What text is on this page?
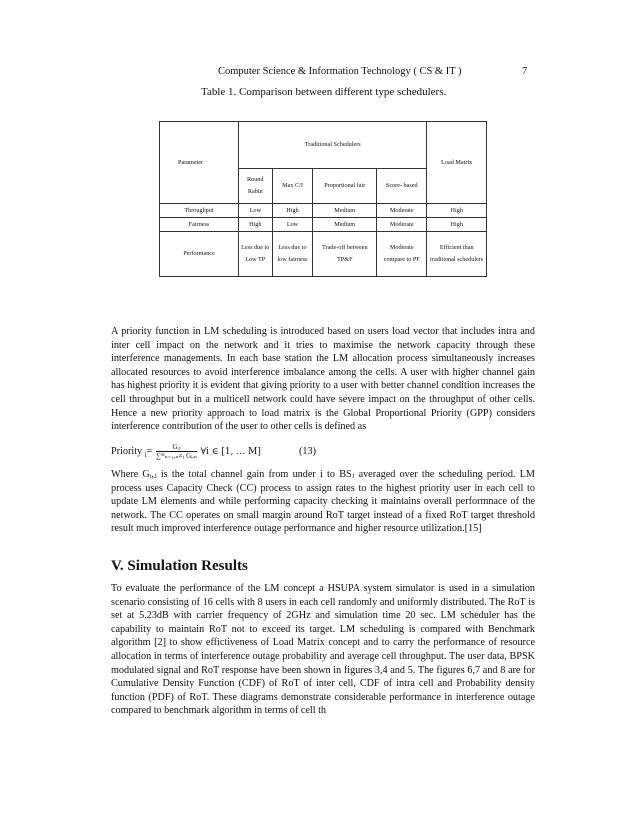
Computer Science & Information Technology ( CS & IT )	7
Table 1. Comparison between different type schedulers.
Parameter	Traditional Schedulers				Load Matrix
	Round Rabin	Max C/I	Proportional fair	Score- based	
Throughput	Low	High	Medium	Moderate	High
Fairness	High	Low	Medium	Moderate	High
Performance	Less due to Low TP	Less due to low fairness	Trade-off between TP&F	Moderate compare to PF	Efficient than traditional schedulers

A priority function in LM scheduling is introduced based on users load vector that includes intra and inter cell impact on the network and it tries to maximise the network capacity through these interference managements. In each base station the LM allocation process simultaneously increases allocated resources to avoid interference imbalance among the cells. A user with higher channel gain has highest priority it is evident that giving priority to a user with better channel condition increases the cell throughput but in a multicell network could have severe impact on the throughput of other cells. Hence a new priority approach to load matrix is the Global Proportional Priority (GPP) considers interference contribution of the user to other cells is defined as

Priority $_i$=	Gᵢⱼ
∑ᴹₙ₌₁,ₙ≠ⱼ Gᵢ,ₙ ∀i ∈ [1, … M]	(13)

Where Gᵢ,ⱼ is the total channel gain from under i to BSⱼ averaged over the scheduling period. LM process uses Capacity Check (CC) process to assign rates to the highest priority user in each cell to update LM elements and while performing capacity checking it maintains overall performnace of the network. The CC operates on small margin around RoT target instead of a fixed RoT target threshold result much improved interference outage performance and higher resource utilization.[15]

V. Simulation Results

To evaluate the performance of the LM concept a HSUPA system simulator is used in a simulation scenario consisting of 16 cells with 8 users in each cell randomly and uniformly distributed. The RoT is set at 5.23dB with carrier frequency of 2GHz and simulation time 20 sec. LM scheduler has the capability to maintain RoT not to exceed its target. LM scheduling is compared with Benchmark algorithm [2] to show effictiveness of Load Matrix concept and to carry the performance of resource allocation in terms of interference outage probability and average cell throughput. The user data, BPSK modulated signal and RoT response have been shown in figures 3,4 and 5. The figures 6,7 and 8 are for Cumulative Density Function (CDF) of RoT of inter cell, CDF of intra cell and Probability density function (PDF) of RoT. These diagrams demonstrate considerable performance in interference outage compared to benchmark algorithm in terms of cell th
